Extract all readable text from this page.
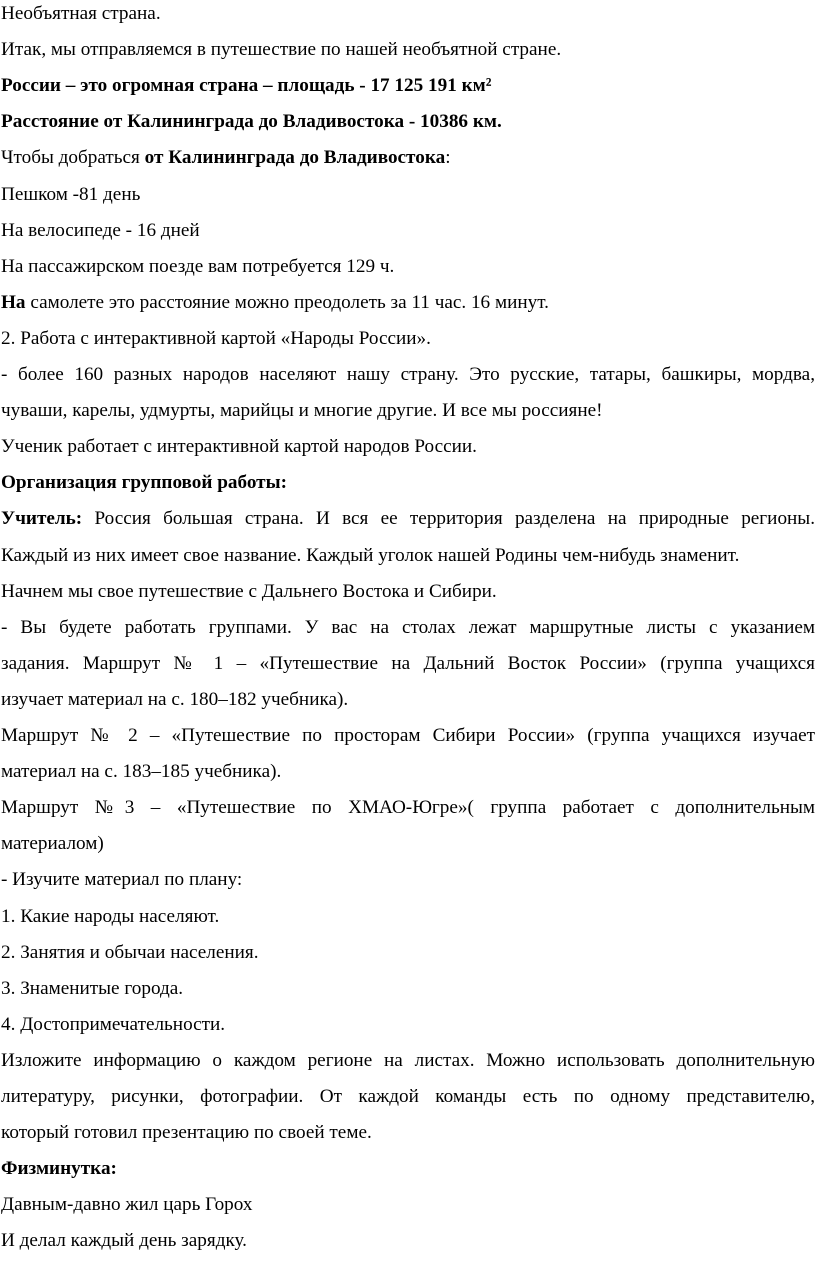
Необъятная страна.
Итак, мы отправляемся в путешествие по нашей необъятной стране.
России – это огромная страна – площадь - 17 125 191 км²
Расстояние от Калининграда до Владивостока - 10386 км.
Чтобы добраться от Калининграда до Владивостока:
Пешком -81 день
На велосипеде - 16 дней
На пассажирском поезде вам потребуется 129 ч.
На самолете это расстояние можно преодолеть за 11 час. 16 минут.
2. Работа с интерактивной картой «Народы России».
- более 160 разных народов населяют нашу страну. Это русские, татары, башкиры, мордва,
чуваши, карелы, удмурты, марийцы и многие другие. И все мы россияне!
Ученик работает с интерактивной картой народов России.
Организация групповой работы:
Учитель: Россия большая страна. И вся ее территория разделена на природные регионы.
Каждый из них имеет свое название. Каждый уголок нашей Родины чем-нибудь знаменит.
Начнем мы свое путешествие с Дальнего Востока и Сибири.
- Вы будете работать группами. У вас на столах лежат маршрутные листы с указанием
задания. Маршрут № 1 – «Путешествие на Дальний Восток России» (группа учащихся
изучает материал на с. 180–182 учебника).
Маршрут № 2 – «Путешествие по просторам Сибири России» (группа учащихся изучает
материал на с. 183–185 учебника).
Маршрут №3 – «Путешествие по ХМАО-Югре»( группа работает с дополнительным
материалом)
- Изучите материал по плану:
1. Какие народы населяют.
2. Занятия и обычаи населения.
3. Знаменитые города.
4. Достопримечательности.
Изложите информацию о каждом регионе на листах. Можно использовать дополнительную
литературу, рисунки, фотографии. От каждой команды есть по одному представителю,
который готовил презентацию по своей теме.
Физминутка:
Давным-давно жил царь Горох
И делал каждый день зарядку.
